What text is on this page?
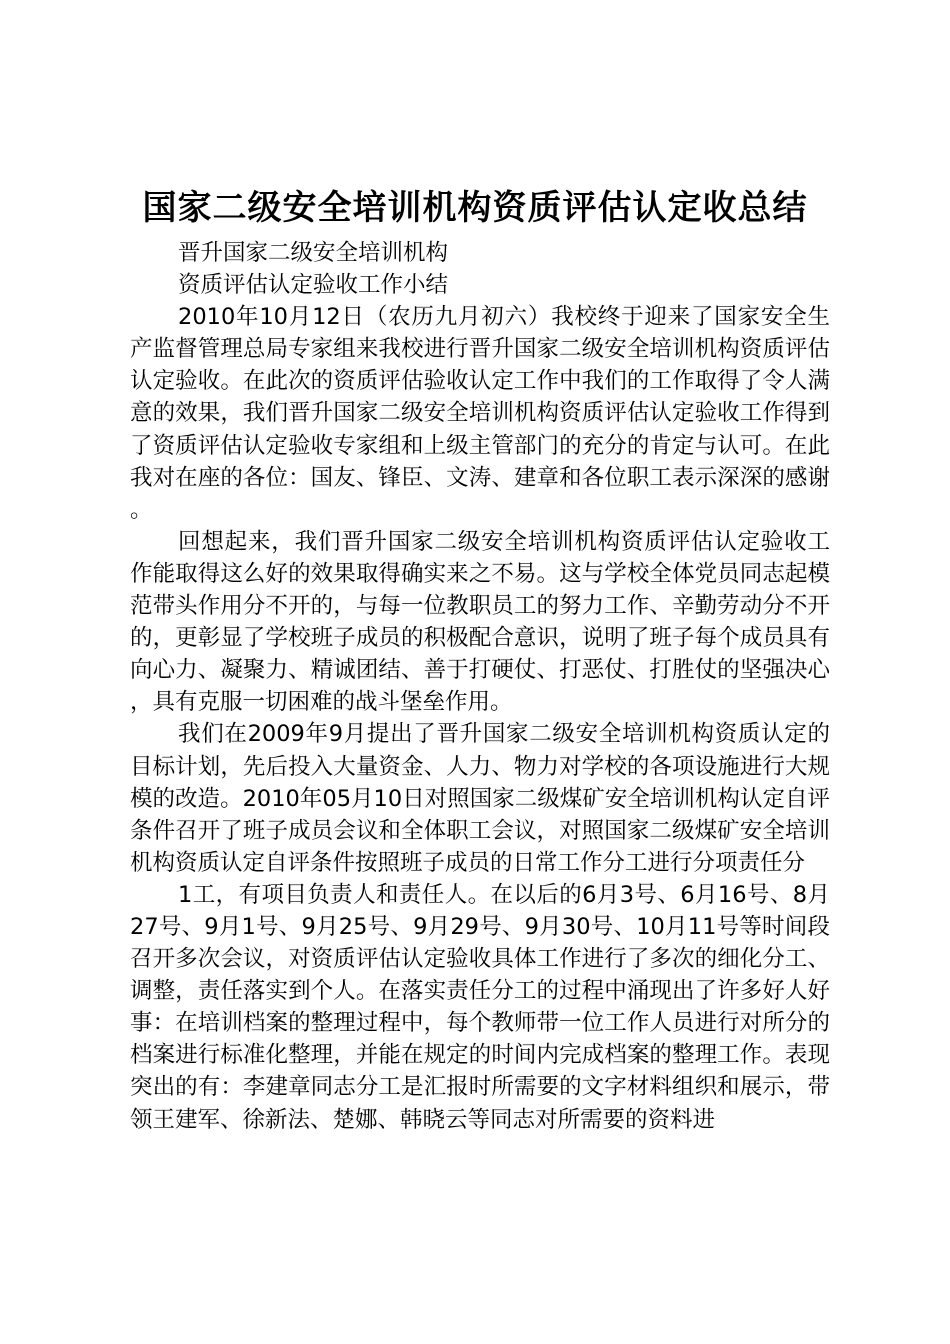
国家二级安全培训机构资质评估认定收总结

晋升国家二级安全培训机构

资质评估认定验收工作小结

2010年10月12日（农历九月初六）我校终于迎来了国家安全生产监督管理总局专家组来我校进行晋升国家二级安全培训机构资质评估认定验收。在此次的资质评估验收认定工作中我们的工作取得了令人满意的效果，我们晋升国家二级安全培训机构资质评估认定验收工作得到了资质评估认定验收专家组和上级主管部门的充分的肯定与认可。在此我对在座的各位：国友、锋臣、文涛、建章和各位职工表示深深的感谢。

回想起来，我们晋升国家二级安全培训机构资质评估认定验收工作能取得这么好的效果取得确实来之不易。这与学校全体党员同志起模范带头作用分不开的，与每一位教职员工的努力工作、辛勤劳动分不开的，更彰显了学校班子成员的积极配合意识，说明了班子每个成员具有向心力、凝聚力、精诚团结、善于打硬仗、打恶仗、打胜仗的坚强决心，具有克服一切困难的战斗堡垒作用。

我们在2009年9月提出了晋升国家二级安全培训机构资质认定的目标计划，先后投入大量资金、人力、物力对学校的各项设施进行大规模的改造。2010年05月10日对照国家二级煤矿安全培训机构认定自评条件召开了班子成员会议和全体职工会议，对照国家二级煤矿安全培训机构资质认定自评条件按照班子成员的日常工作分工进行分项责任分

1工，有项目负责人和责任人。在以后的6月3号、6月16号、8月27号、9月1号、9月25号、9月29号、9月30号、10月11号等时间段召开多次会议，对资质评估认定验收具体工作进行了多次的细化分工、调整，责任落实到个人。在落实责任分工的过程中涌现出了许多好人好事：在培训档案的整理过程中，每个教师带一位工作人员进行对所分的档案进行标准化整理，并能在规定的时间内完成档案的整理工作。表现突出的有：李建章同志分工是汇报时所需要的文字材料组织和展示，带领王建军、徐新法、楚娜、韩晓云等同志对所需要的资料进
